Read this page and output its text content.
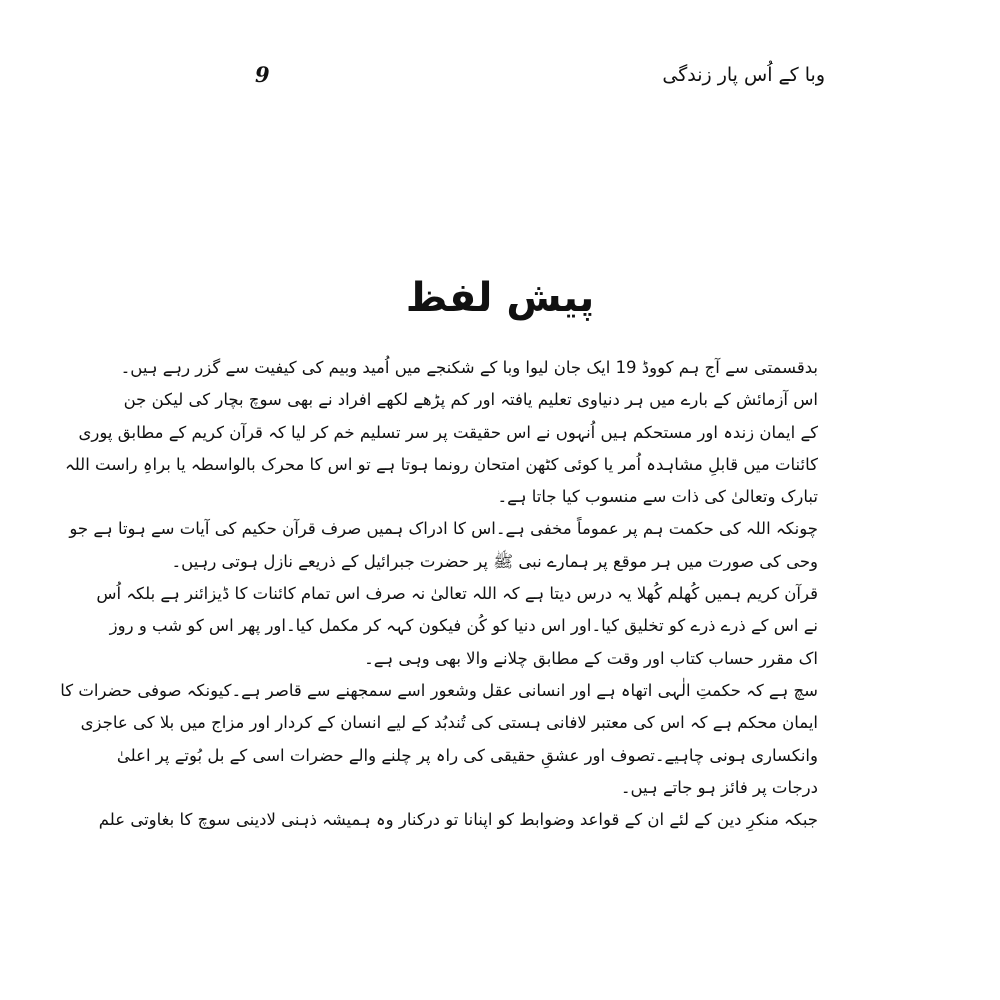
وبا کے اُس پار زندگی
9
پیش لفظ
بدقسمتی سے آج ہم کووڈ 19 ایک جان لیوا وبا کے شکنجے میں اُمید وبیم کی کیفیت سے گزر رہے ہیں۔
اس آزمائش کے بارے میں ہر دنیاوی تعلیم یافتہ اور کم پڑھے لکھے افراد نے بھی سوچ بچار کی لیکن جن
کے ایمان زندہ اور مستحکم ہیں اُنہوں نے اس حقیقت پر سر تسلیم خم کر لیا کہ قرآن کریم کے مطابق پوری
کائنات میں قابلِ مشاہدہ اُمر یا کوئی کٹھن امتحان رونما ہوتا ہے تو اس کا محرک بالواسطہ یا براہِ راست اللہ
تبارک وتعالیٰ کی ذات سے منسوب کیا جاتا ہے۔
چونکہ اللہ کی حکمت ہم پر عموماً مخفی ہے۔اس کا ادراک ہمیں صرف قرآن حکیم کی آیات سے ہوتا ہے جو
وحی کی صورت میں ہر موقع پر ہمارے نبی ﷺ پر حضرت جبرائیل کے ذریعے نازل ہوتی رہیں۔
قرآن کریم ہمیں کُھلم کُھلا یہ درس دیتا ہے کہ اللہ تعالیٰ نہ صرف اس تمام کائنات کا ڈیزائنر ہے بلکہ اُس
نے اس کے ذرے ذرے کو تخلیق کیا۔اور اس دنیا کو کُن فیکون کہہ کر مکمل کیا۔اور پھر اس کو شب و روز
اک مقرر حساب کتاب اور وقت کے مطابق چلانے والا بھی وہی ہے۔
سچ ہے کہ حکمتِ الٰہی اتھاہ ہے اور انسانی عقل وشعور اسے سمجھنے سے قاصر ہے۔کیونکہ صوفی حضرات کا
ایمان محکم ہے کہ اس کی معتبر لافانی ہستی کی تُندبُد کے لیے انسان کے کردار اور مزاج میں بلا کی عاجزی
وانکساری ہونی چاہیے۔تصوف اور عشقِ حقیقی کی راہ پر چلنے والے حضرات اسی کے بل بُوتے پر اعلیٰ
درجات پر فائز ہو جاتے ہیں۔
جبکہ منکرِ دین کے لئے ان کے قواعد وضوابط کو اپنانا تو درکنار وہ ہمیشہ ذہنی لادینی سوچ کا بغاوتی علم
